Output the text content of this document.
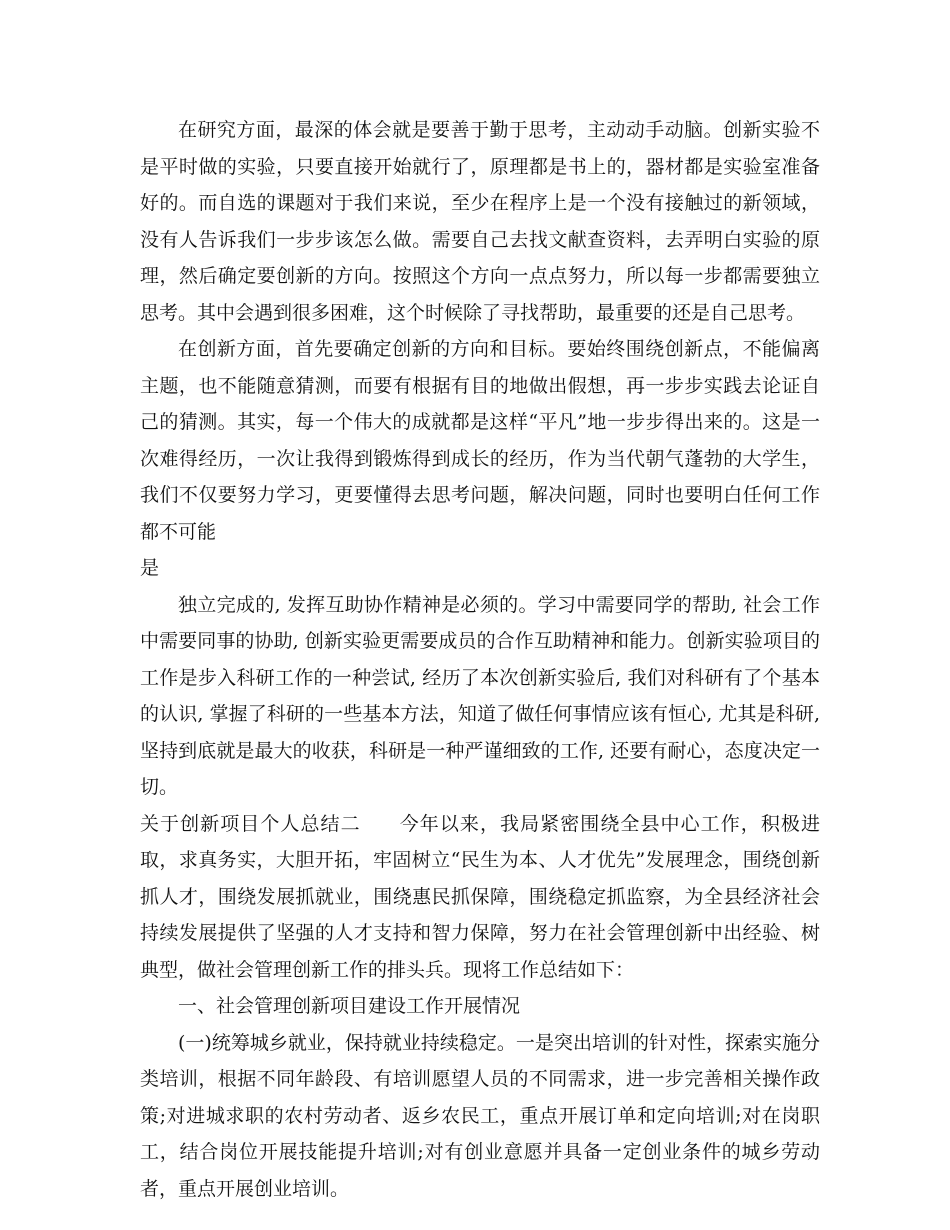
在研究方面，最深的体会就是要善于勤于思考，主动动手动脑。创新实验不是平时做的实验，只要直接开始就行了，原理都是书上的，器材都是实验室准备好的。而自选的课题对于我们来说，至少在程序上是一个没有接触过的新领域，没有人告诉我们一步步该怎么做。需要自己去找文献查资料，去弄明白实验的原理，然后确定要创新的方向。按照这个方向一点点努力，所以每一步都需要独立思考。其中会遇到很多困难，这个时候除了寻找帮助，最重要的还是自己思考。

在创新方面，首先要确定创新的方向和目标。要始终围绕创新点，不能偏离主题，也不能随意猜测，而要有根据有目的地做出假想，再一步步实践去论证自己的猜测。其实，每一个伟大的成就都是这样“平凡”地一步步得出来的。这是一次难得经历，一次让我得到锻炼得到成长的经历，作为当代朝气蓬勃的大学生，我们不仅要努力学习，更要懂得去思考问题，解决问题，同时也要明白任何工作都不可能

是

独立完成的, 发挥互助协作精神是必须的。学习中需要同学的帮助, 社会工作中需要同事的协助, 创新实验更需要成员的合作互助精神和能力。创新实验项目的工作是步入科研工作的一种尝试, 经历了本次创新实验后, 我们对科研有了个基本的认识, 掌握了科研的一些基本方法，知道了做任何事情应该有恒心, 尤其是科研, 坚持到底就是最大的收获，科研是一种严谨细致的工作, 还要有耐心，态度决定一切。

关于创新项目个人总结二 今年以来，我局紧密围绕全县中心工作，积极进取，求真务实，大胆开拓，牢固树立“民生为本、人才优先”发展理念，围绕创新抓人才，围绕发展抓就业，围绕惠民抓保障，围绕稳定抓监察，为全县经济社会持续发展提供了坚强的人才支持和智力保障，努力在社会管理创新中出经验、树典型，做社会管理创新工作的排头兵。现将工作总结如下：

一、社会管理创新项目建设工作开展情况

(一)统筹城乡就业，保持就业持续稳定。一是突出培训的针对性，探索实施分类培训，根据不同年龄段、有培训愿望人员的不同需求，进一步完善相关操作政策;对进城求职的农村劳动者、返乡农民工，重点开展订单和定向培训;对在岗职工，结合岗位开展技能提升培训;对有创业意愿并具备一定创业条件的城乡劳动者，重点开展创业培训。
